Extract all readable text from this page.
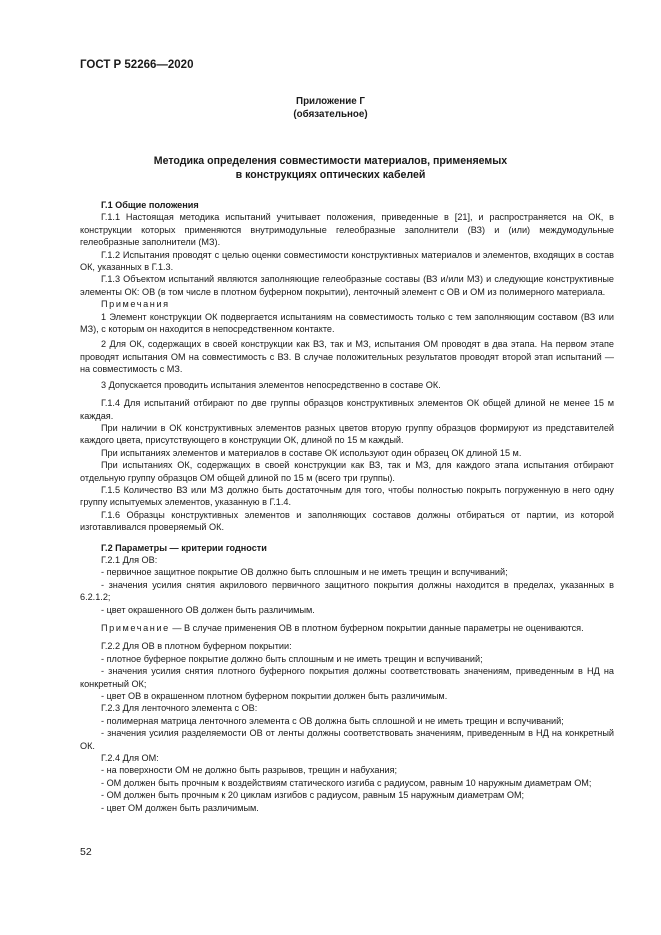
ГОСТ Р 52266—2020
Приложение Г
(обязательное)
Методика определения совместимости материалов, применяемых
в конструкциях оптических кабелей

Г.1 Общие положения

Г.1.1 Настоящая методика испытаний учитывает положения, приведенные в [21], и распространяется на ОК, в конструкции которых применяются внутримодульные гелеобразные заполнители (ВЗ) и (или) междумодульные гелеобразные заполнители (МЗ).

Г.1.2 Испытания проводят с целью оценки совместимости конструктивных материалов и элементов, входящих в состав ОК, указанных в Г.1.3.

Г.1.3 Объектом испытаний являются заполняющие гелеобразные составы (ВЗ и/или МЗ) и следующие конструктивные элементы ОК: ОВ (в том числе в плотном буферном покрытии), ленточный элемент с ОВ и ОМ из полимерного материала.

Примечания

1 Элемент конструкции ОК подвергается испытаниям на совместимость только с тем заполняющим составом (ВЗ или МЗ), с которым он находится в непосредственном контакте.

2 Для ОК, содержащих в своей конструкции как ВЗ, так и МЗ, испытания ОМ проводят в два этапа. На первом этапе проводят испытания ОМ на совместимость с ВЗ. В случае положительных результатов проводят второй этап испытаний — на совместимость с МЗ.

3 Допускается проводить испытания элементов непосредственно в составе ОК.

Г.1.4 Для испытаний отбирают по две группы образцов конструктивных элементов ОК общей длиной не менее 15 м каждая.

При наличии в ОК конструктивных элементов разных цветов вторую группу образцов формируют из представителей каждого цвета, присутствующего в конструкции ОК, длиной по 15 м каждый.

При испытаниях элементов и материалов в составе ОК используют один образец ОК длиной 15 м.

При испытаниях ОК, содержащих в своей конструкции как ВЗ, так и МЗ, для каждого этапа испытания отбирают отдельную группу образцов ОМ общей длиной по 15 м (всего три группы).

Г.1.5 Количество ВЗ или МЗ должно быть достаточным для того, чтобы полностью покрыть погруженную в него одну группу испытуемых элементов, указанную в Г.1.4.

Г.1.6 Образцы конструктивных элементов и заполняющих составов должны отбираться от партии, из которой изготавливался проверяемый ОК.

Г.2 Параметры — критерии годности

Г.2.1 Для ОВ:

- первичное защитное покрытие ОВ должно быть сплошным и не иметь трещин и вспучиваний;

- значения усилия снятия акрилового первичного защитного покрытия должны находится в пределах, указанных в 6.2.1.2;

- цвет окрашенного ОВ должен быть различимым.

Примечание — В случае применения ОВ в плотном буферном покрытии данные параметры не оцениваются.

Г.2.2 Для ОВ в плотном буферном покрытии:

- плотное буферное покрытие должно быть сплошным и не иметь трещин и вспучиваний;

- значения усилия снятия плотного буферного покрытия должны соответствовать значениям, приведенным в НД на конкретный ОК;

- цвет ОВ в окрашенном плотном буферном покрытии должен быть различимым.

Г.2.3 Для ленточного элемента с ОВ:

- полимерная матрица ленточного элемента с ОВ должна быть сплошной и не иметь трещин и вспучиваний;

- значения усилия разделяемости ОВ от ленты должны соответствовать значениям, приведенным в НД на конкретный ОК.

Г.2.4 Для ОМ:

- на поверхности ОМ не должно быть разрывов, трещин и набухания;

- ОМ должен быть прочным к воздействиям статического изгиба с радиусом, равным 10 наружным диаметрам ОМ;

- ОМ должен быть прочным к 20 циклам изгибов с радиусом, равным 15 наружным диаметрам ОМ;

- цвет ОМ должен быть различимым.

52
